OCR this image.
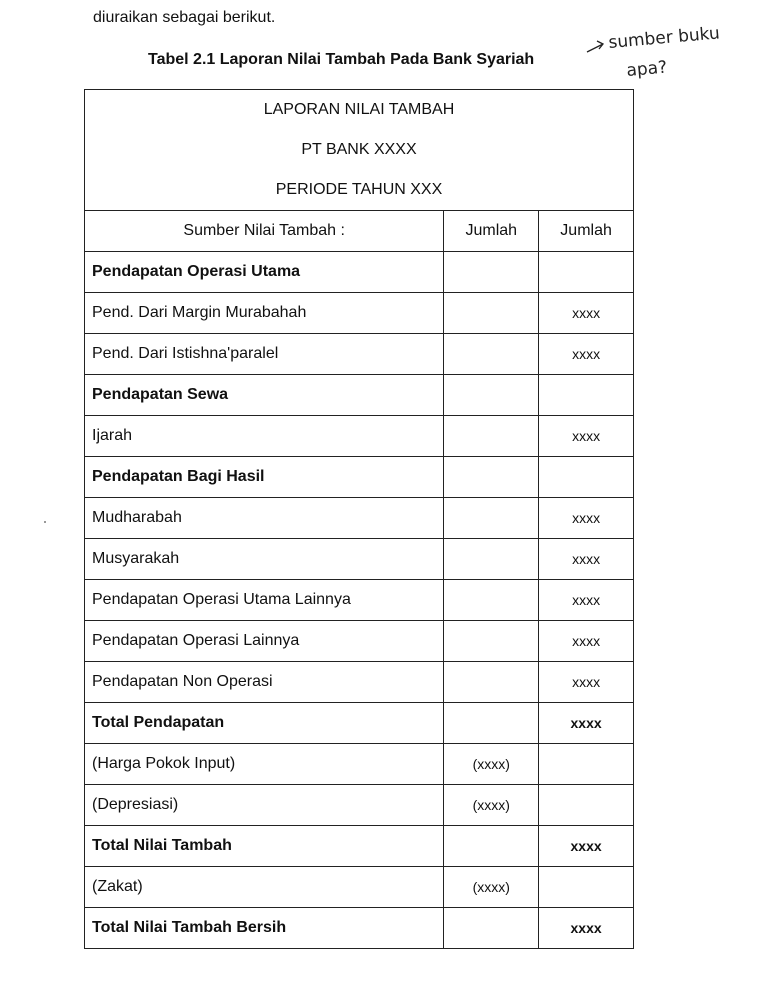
diuraikan sebagai berikut.
Tabel 2.1 Laporan Nilai Tambah Pada Bank Syariah
sumber buku
apa?
LAPORAN NILAI TAMBAH
PT BANK XXXX
PERIODE TAHUN XXX		

Sumber Nilai Tambah :	Jumlah	Jumlah
Pendapatan Operasi Utama		
Pend. Dari Margin Murabahah		xxxx
Pend. Dari Istishna'paralel		xxxx
Pendapatan Sewa		
Ijarah		xxxx
Pendapatan Bagi Hasil		
Mudharabah		xxxx
Musyarakah		xxxx
Pendapatan Operasi Utama Lainnya		xxxx
Pendapatan Operasi Lainnya		xxxx
Pendapatan Non Operasi		xxxx
Total Pendapatan		xxxx
(Harga Pokok Input)	(xxxx)	
(Depresiasi)	(xxxx)	
Total Nilai Tambah		xxxx
(Zakat)	(xxxx)	
Total Nilai Tambah Bersih		xxxx
